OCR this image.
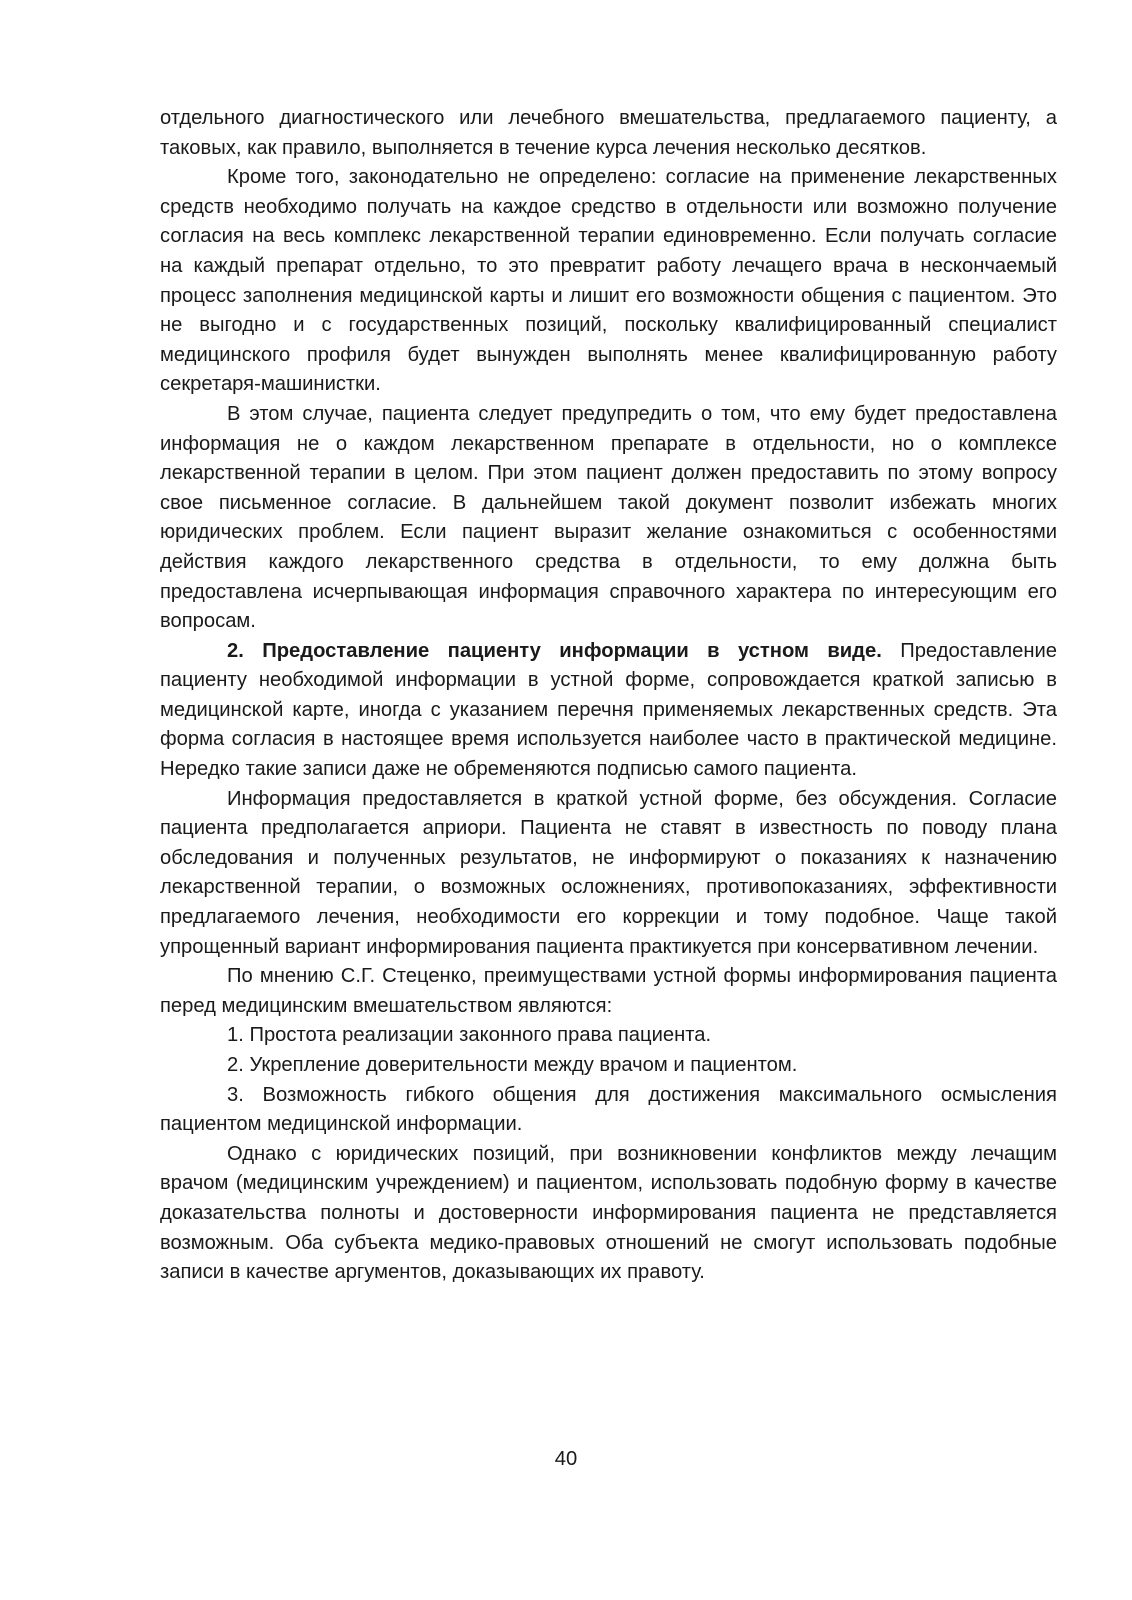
отдельного диагностического или лечебного вмешательства, предлагаемого пациенту, а таковых, как правило, выполняется в течение курса лечения несколько десятков.

Кроме того, законодательно не определено: согласие на применение лекарственных средств необходимо получать на каждое средство в отдельности или возможно получение согласия на весь комплекс лекарственной терапии единовременно. Если получать согласие на каждый препарат отдельно, то это превратит работу лечащего врача в нескончаемый процесс заполнения медицинской карты и лишит его возможности общения с пациентом. Это не выгодно и с государственных позиций, поскольку квалифицированный специалист медицинского профиля будет вынужден выполнять менее квалифицированную работу секретаря-машинистки.

В этом случае, пациента следует предупредить о том, что ему будет предоставлена информация не о каждом лекарственном препарате в отдельности, но о комплексе лекарственной терапии в целом. При этом пациент должен предоставить по этому вопросу свое письменное согласие. В дальнейшем такой документ позволит избежать многих юридических проблем. Если пациент выразит желание ознакомиться с особенностями действия каждого лекарственного средства в отдельности, то ему должна быть предоставлена исчерпывающая информация справочного характера по интересующим его вопросам.

2. Предоставление пациенту информации в устном виде. Предоставление пациенту необходимой информации в устной форме, сопровождается краткой записью в медицинской карте, иногда с указанием перечня применяемых лекарственных средств. Эта форма согласия в настоящее время используется наиболее часто в практической медицине. Нередко такие записи даже не обременяются подписью самого пациента.

Информация предоставляется в краткой устной форме, без обсуждения. Согласие пациента предполагается априори. Пациента не ставят в известность по поводу плана обследования и полученных результатов, не информируют о показаниях к назначению лекарственной терапии, о возможных осложнениях, противопоказаниях, эффективности предлагаемого лечения, необходимости его коррекции и тому подобное. Чаще такой упрощенный вариант информирования пациента практикуется при консервативном лечении.

По мнению С.Г. Стеценко, преимуществами устной формы информирования пациента перед медицинским вмешательством являются:

1. Простота реализации законного права пациента.

2. Укрепление доверительности между врачом и пациентом.

3. Возможность гибкого общения для достижения максимального осмысления пациентом медицинской информации.

Однако с юридических позиций, при возникновении конфликтов между лечащим врачом (медицинским учреждением) и пациентом, использовать подобную форму в качестве доказательства полноты и достоверности информирования пациента не представляется возможным. Оба субъекта медико-правовых отношений не смогут использовать подобные записи в качестве аргументов, доказывающих их правоту.

40
